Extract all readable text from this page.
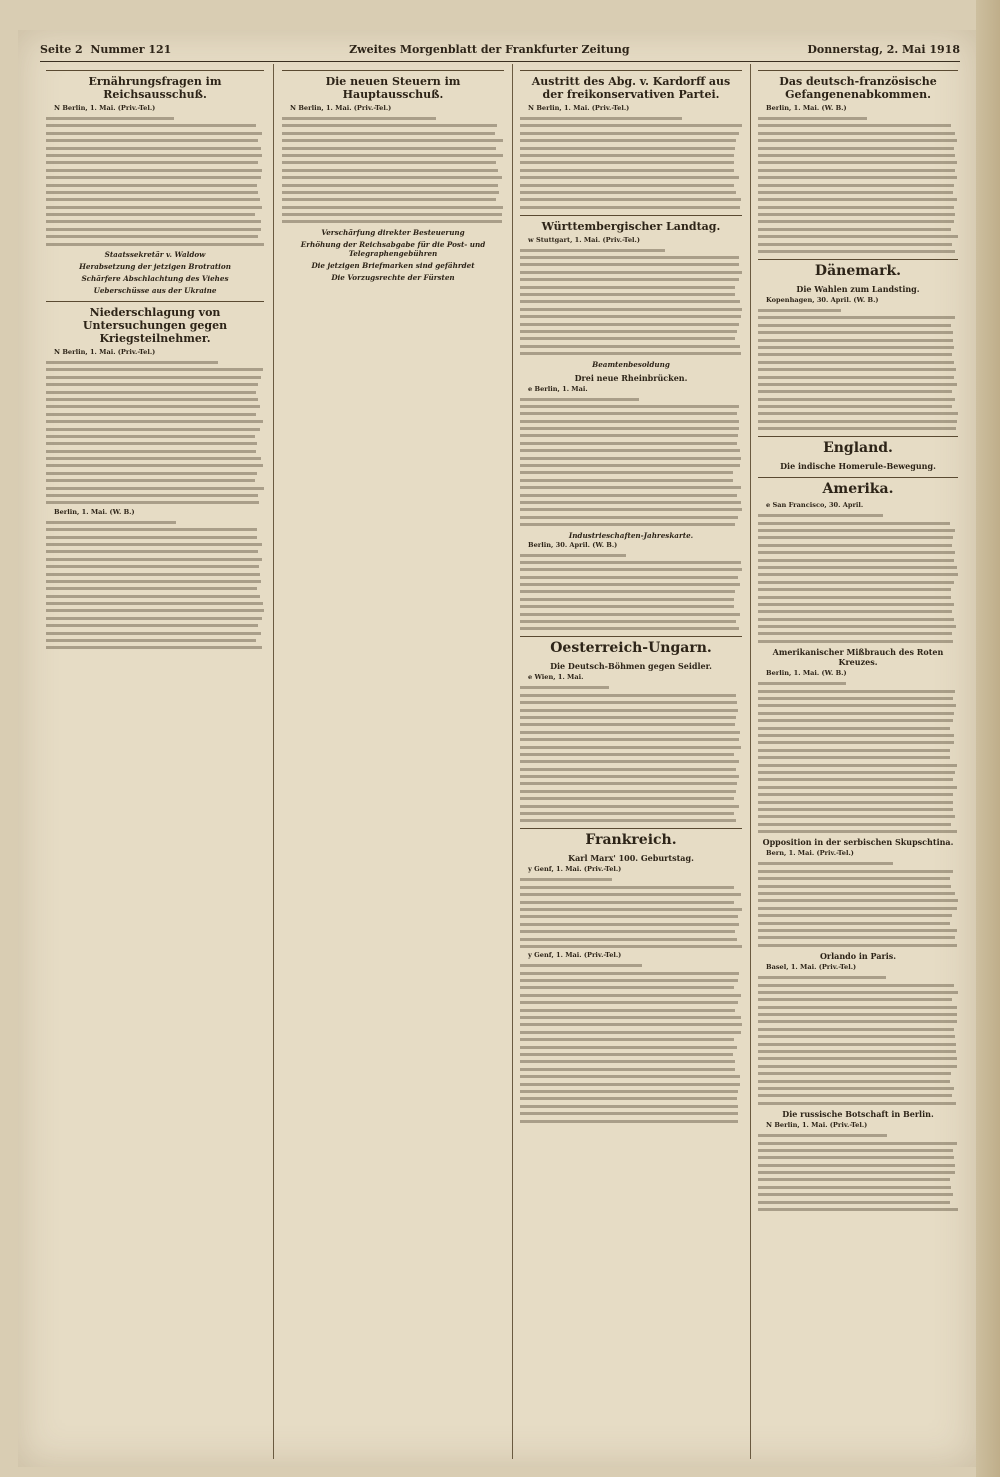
Seite 2 Nummer 121	Zweites Morgenblatt der Frankfurter Zeitung	Donnerstag, 2. Mai 1918
Ernährungsfragen im Reichsausschuß.

N Berlin, 1. Mai. (Priv.-Tel.)

Staatssekretär v. Waldow
Herabsetzung der jetzigen Brotration
Schärfere Abschlachtung des Viehes
Ueberschüsse aus der Ukraine
Niederschlagung von Untersuchungen gegen Kriegsteilnehmer.

N Berlin, 1. Mai. (Priv.-Tel.)

Berlin, 1. Mai. (W. B.)

Die neuen Steuern im Hauptausschuß.

N Berlin, 1. Mai. (Priv.-Tel.)

Verschärfung direkter Besteuerung
Erhöhung der Reichsabgabe für die Post- und Telegraphengebühren
Die jetzigen Briefmarken sind gefährdet
Die Vorzugsrechte der Fürsten
Austritt des Abg. v. Kardorff aus der freikonservativen Partei.

N Berlin, 1. Mai. (Priv.-Tel.)

Württembergischer Landtag.

w Stuttgart, 1. Mai. (Priv.-Tel.)

Beamtenbesoldung
Drei neue Rheinbrücken.

e Berlin, 1. Mai.

Industrieschaften-Jahreskarte.

Berlin, 30. April. (W. B.)

Oesterreich-Ungarn.
Die Deutsch-Böhmen gegen Seidler.

e Wien, 1. Mai.

Frankreich.
Karl Marx' 100. Geburtstag.

y Genf, 1. Mai. (Priv.-Tel.)

y Genf, 1. Mai. (Priv.-Tel.)

Das deutsch-französische Gefangenenabkommen.

Berlin, 1. Mai. (W. B.)

Dänemark.
Die Wahlen zum Landsting.

Kopenhagen, 30. April. (W. B.)

England.
Die indische Homerule-Bewegung.
Amerika.

e San Francisco, 30. April.

Amerikanischer Mißbrauch des Roten Kreuzes.

Berlin, 1. Mai. (W. B.)

Opposition in der serbischen Skupschtina.

Bern, 1. Mai. (Priv.-Tel.)

Orlando in Paris.

Basel, 1. Mai. (Priv.-Tel.)

Die russische Botschaft in Berlin.

N Berlin, 1. Mai. (Priv.-Tel.)
